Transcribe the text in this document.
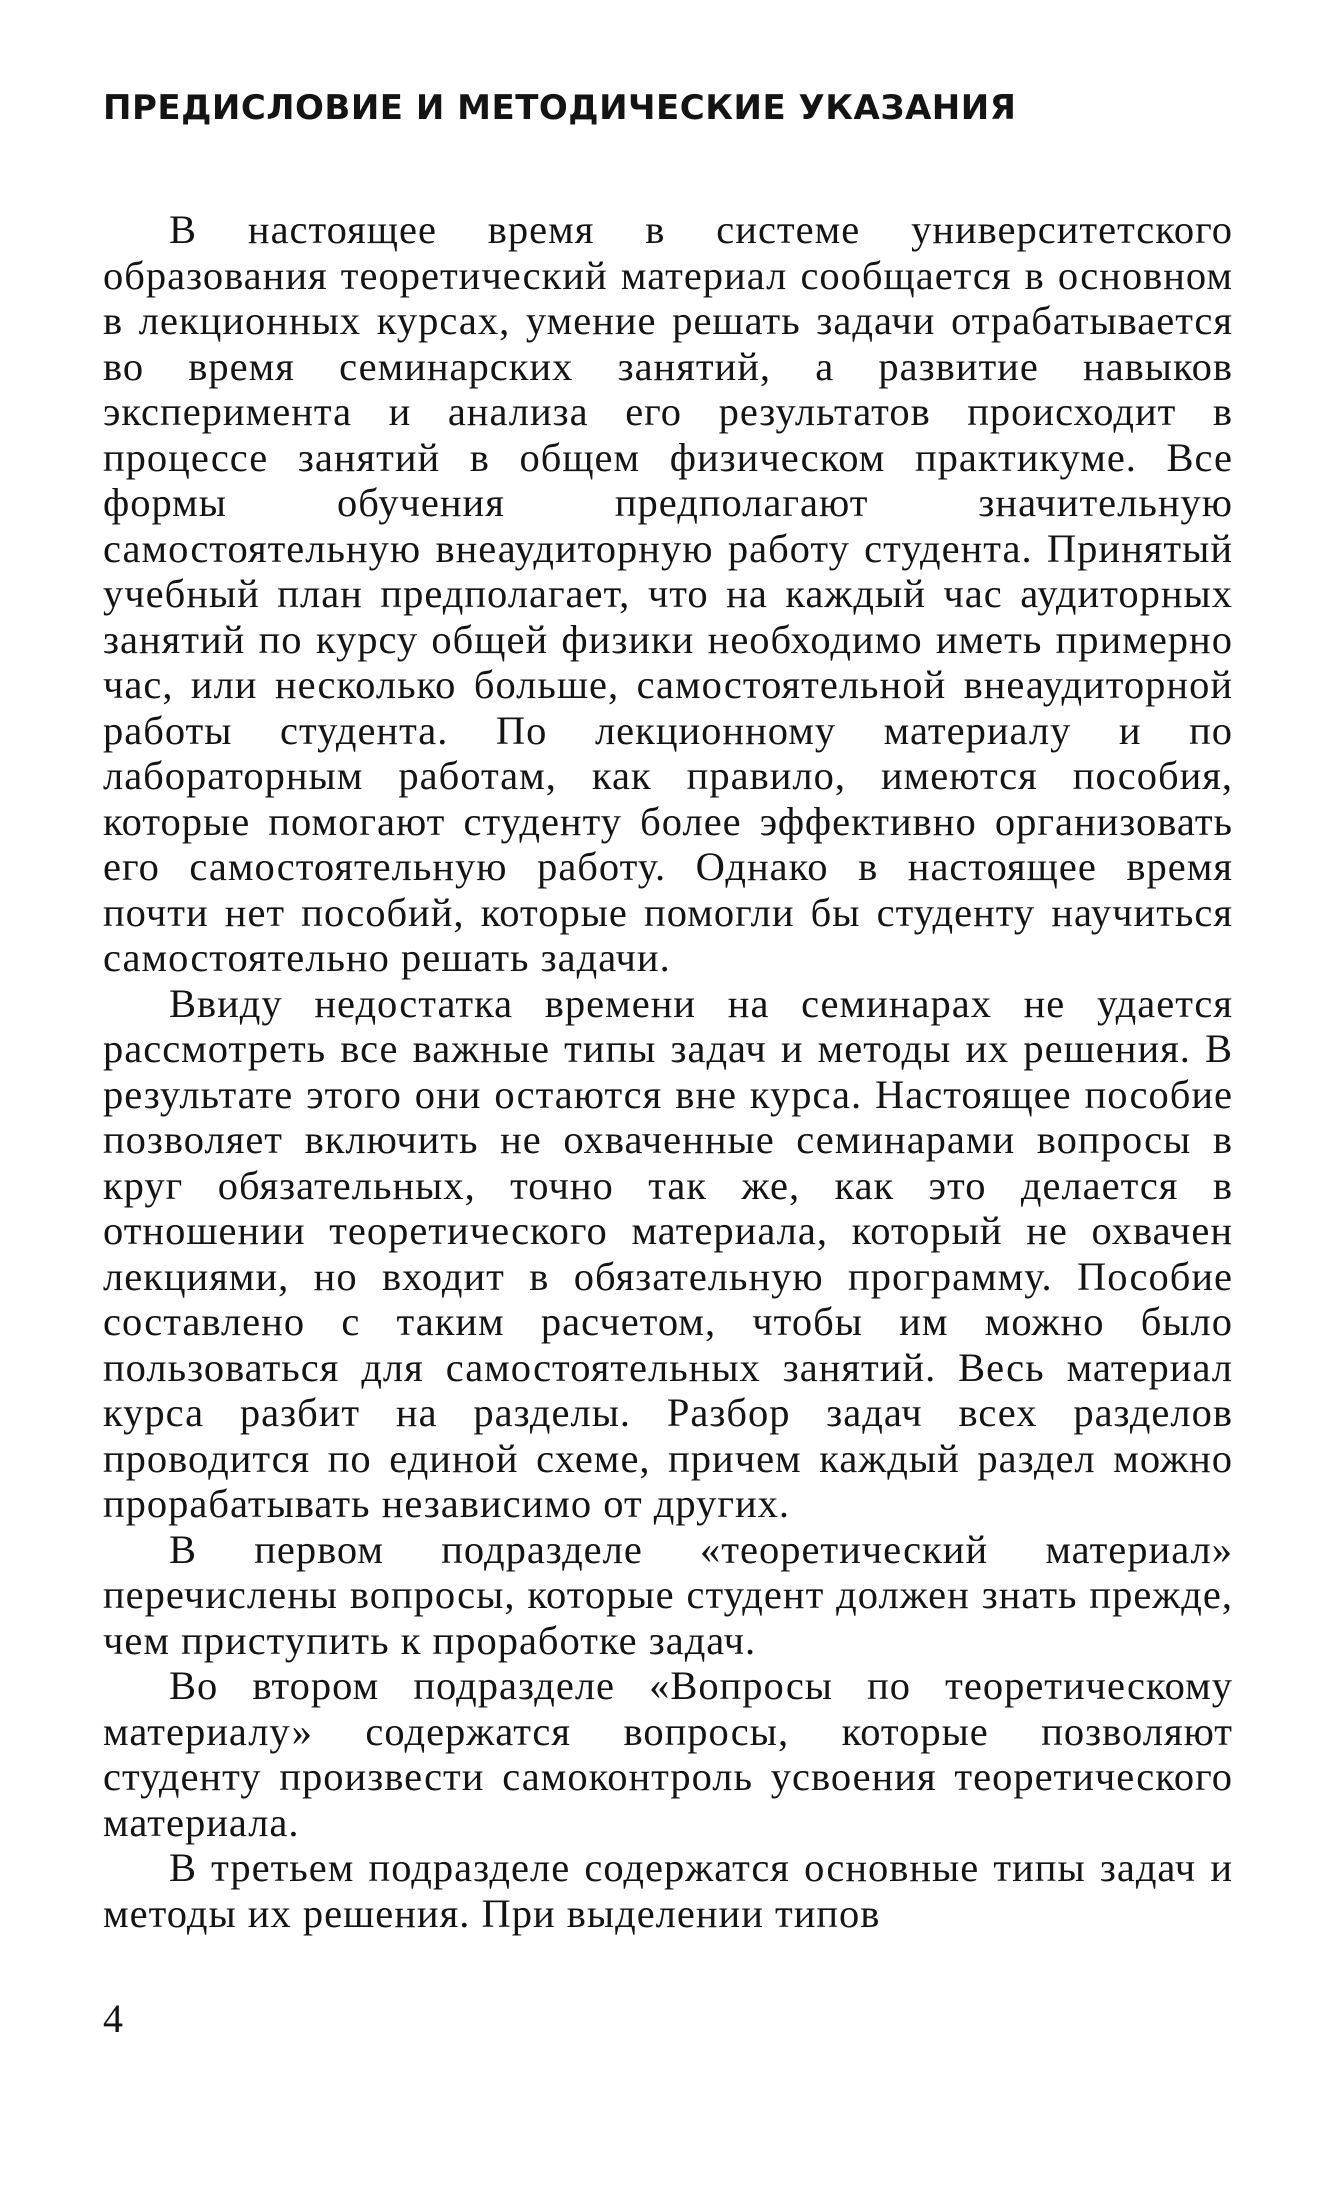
ПРЕДИСЛОВИЕ И МЕТОДИЧЕСКИЕ УКАЗАНИЯ

В настоящее время в системе университетского образования теоретический материал сообщается в основном в лекционных курсах, умение решать задачи отрабатывается во время семинарских занятий, а развитие навыков эксперимента и анализа его результатов происходит в процессе занятий в общем физическом практикуме. Все формы обучения предполагают значительную самостоятельную внеаудиторную работу студента. Принятый учебный план предполагает, что на каждый час аудиторных занятий по курсу общей физики необходимо иметь примерно час, или несколько больше, самостоятельной внеаудиторной работы студента. По лекционному материалу и по лабораторным работам, как правило, имеются пособия, которые помогают студенту более эффективно организовать его самостоятельную работу. Однако в настоящее время почти нет пособий, которые помогли бы студенту научиться самостоятельно решать задачи.

Ввиду недостатка времени на семинарах не удается рассмотреть все важные типы задач и методы их решения. В результате этого они остаются вне курса. Настоящее пособие позволяет включить не охваченные семинарами вопросы в круг обязательных, точно так же, как это делается в отношении теоретического материала, который не охвачен лекциями, но входит в обязательную программу. Пособие составлено с таким расчетом, чтобы им можно было пользоваться для самостоятельных занятий. Весь материал курса разбит на разделы. Разбор задач всех разделов проводится по единой схеме, причем каждый раздел можно прорабатывать независимо от других.

В первом подразделе «теоретический материал» перечислены вопросы, которые студент должен знать прежде, чем приступить к проработке задач.

Во втором подразделе «Вопросы по теоретическому материалу» содержатся вопросы, которые позволяют студенту произвести самоконтроль усвоения теоретического материала.

В третьем подразделе содержатся основные типы задач и методы их решения. При выделении типов

4
